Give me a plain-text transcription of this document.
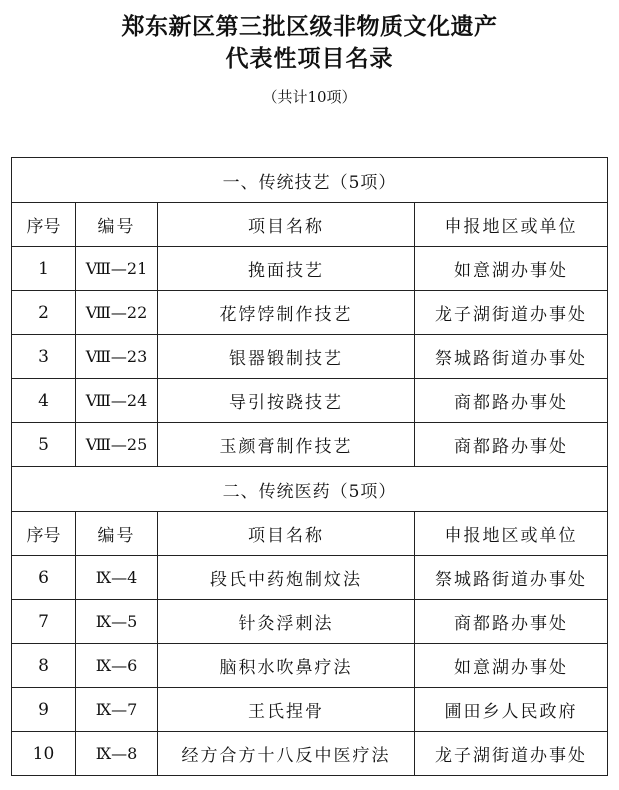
郑东新区第三批区级非物质文化遗产
代表性项目名录
（共计10项）
一、传统技艺（5项）			
序号	编号	项目名称	申报地区或单位
1	Ⅷ—21	挽面技艺	如意湖办事处
2	Ⅷ—22	花饽饽制作技艺	龙子湖街道办事处
3	Ⅷ—23	银器锻制技艺	祭城路街道办事处
4	Ⅷ—24	导引按跷技艺	商都路办事处
5	Ⅷ—25	玉颜膏制作技艺	商都路办事处
二、传统医药（5项）			
序号	编号	项目名称	申报地区或单位
6	Ⅸ—4	段氏中药炮制炆法	祭城路街道办事处
7	Ⅸ—5	针灸浮刺法	商都路办事处
8	Ⅸ—6	脑积水吹鼻疗法	如意湖办事处
9	Ⅸ—7	王氏捏骨	圃田乡人民政府
10	Ⅸ—8	经方合方十八反中医疗法	龙子湖街道办事处
